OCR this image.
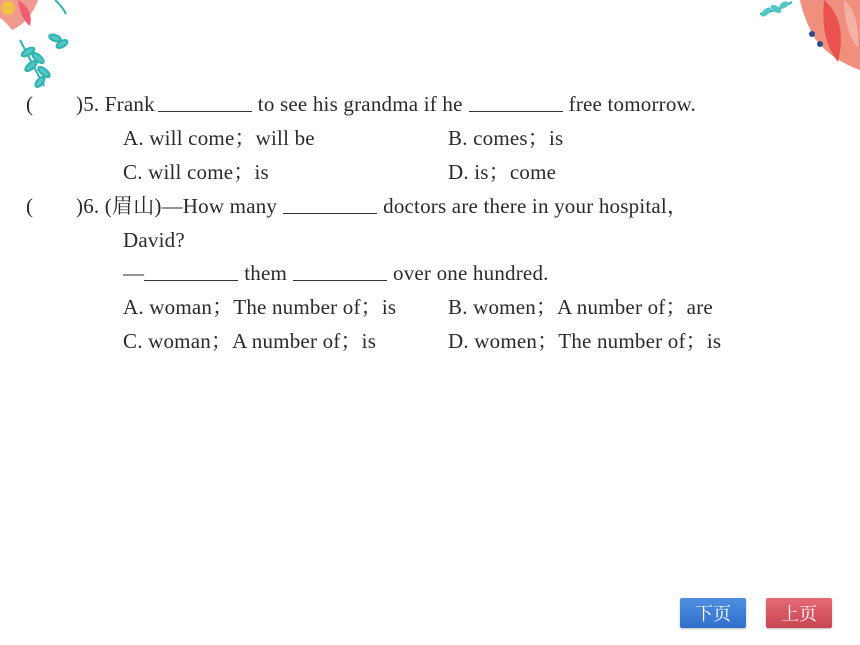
( )5. Frank	to see his grandma if he	free tomorrow.
A. will come；will be	B. comes；is
C. will come；is	D. is；come
( )6. (眉山)—How many	doctors are there in your hospital，
David?
—	them	over one hundred.
A. woman；The number of；is B. women；A number of；are
C. woman；A number of；is	D. women；The number of；is
下页	上页
